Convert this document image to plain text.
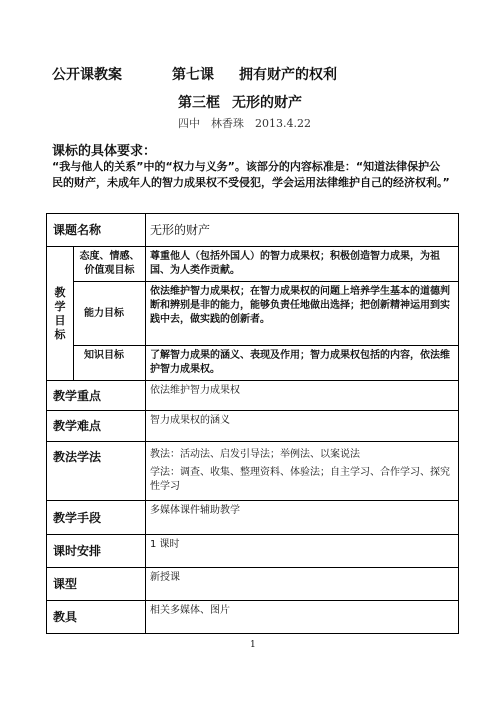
公开课教案	第七课 拥有财产的权利
第三框 无形的财产
四中　林香珠　2013.4.22
课标的具体要求：
“我与他人的关系”中的“权力与义务”。该部分的内容标准是：“知道法律保护公民的财产，未成年人的智力成果权不受侵犯，学会运用法律维护自己的经济权利。”
课题名称		无形的财产
教学目标	态度、情感、价值观目标	尊重他人（包括外国人）的智力成果权；积极创造智力成果，为祖国、为人类作贡献。
	能力目标	依法维护智力成果权；在智力成果权的问题上培养学生基本的道德判断和辨别是非的能力，能够负责任地做出选择；把创新精神运用到实践中去，做实践的创新者。
	知识目标	了解智力成果的涵义、表现及作用；智力成果权包括的内容，依法维护智力成果权。
教学重点		依法维护智力成果权
教学难点		智力成果权的涵义
教法学法		教法：活动法、启发引导法；举例法、以案说法
学法：调查、收集、整理资料、体验法；自主学习、合作学习、探究性学习

教学手段		多媒体课件辅助教学
课时安排		1 课时
课型		新授课
教具		相关多媒体、图片
1
